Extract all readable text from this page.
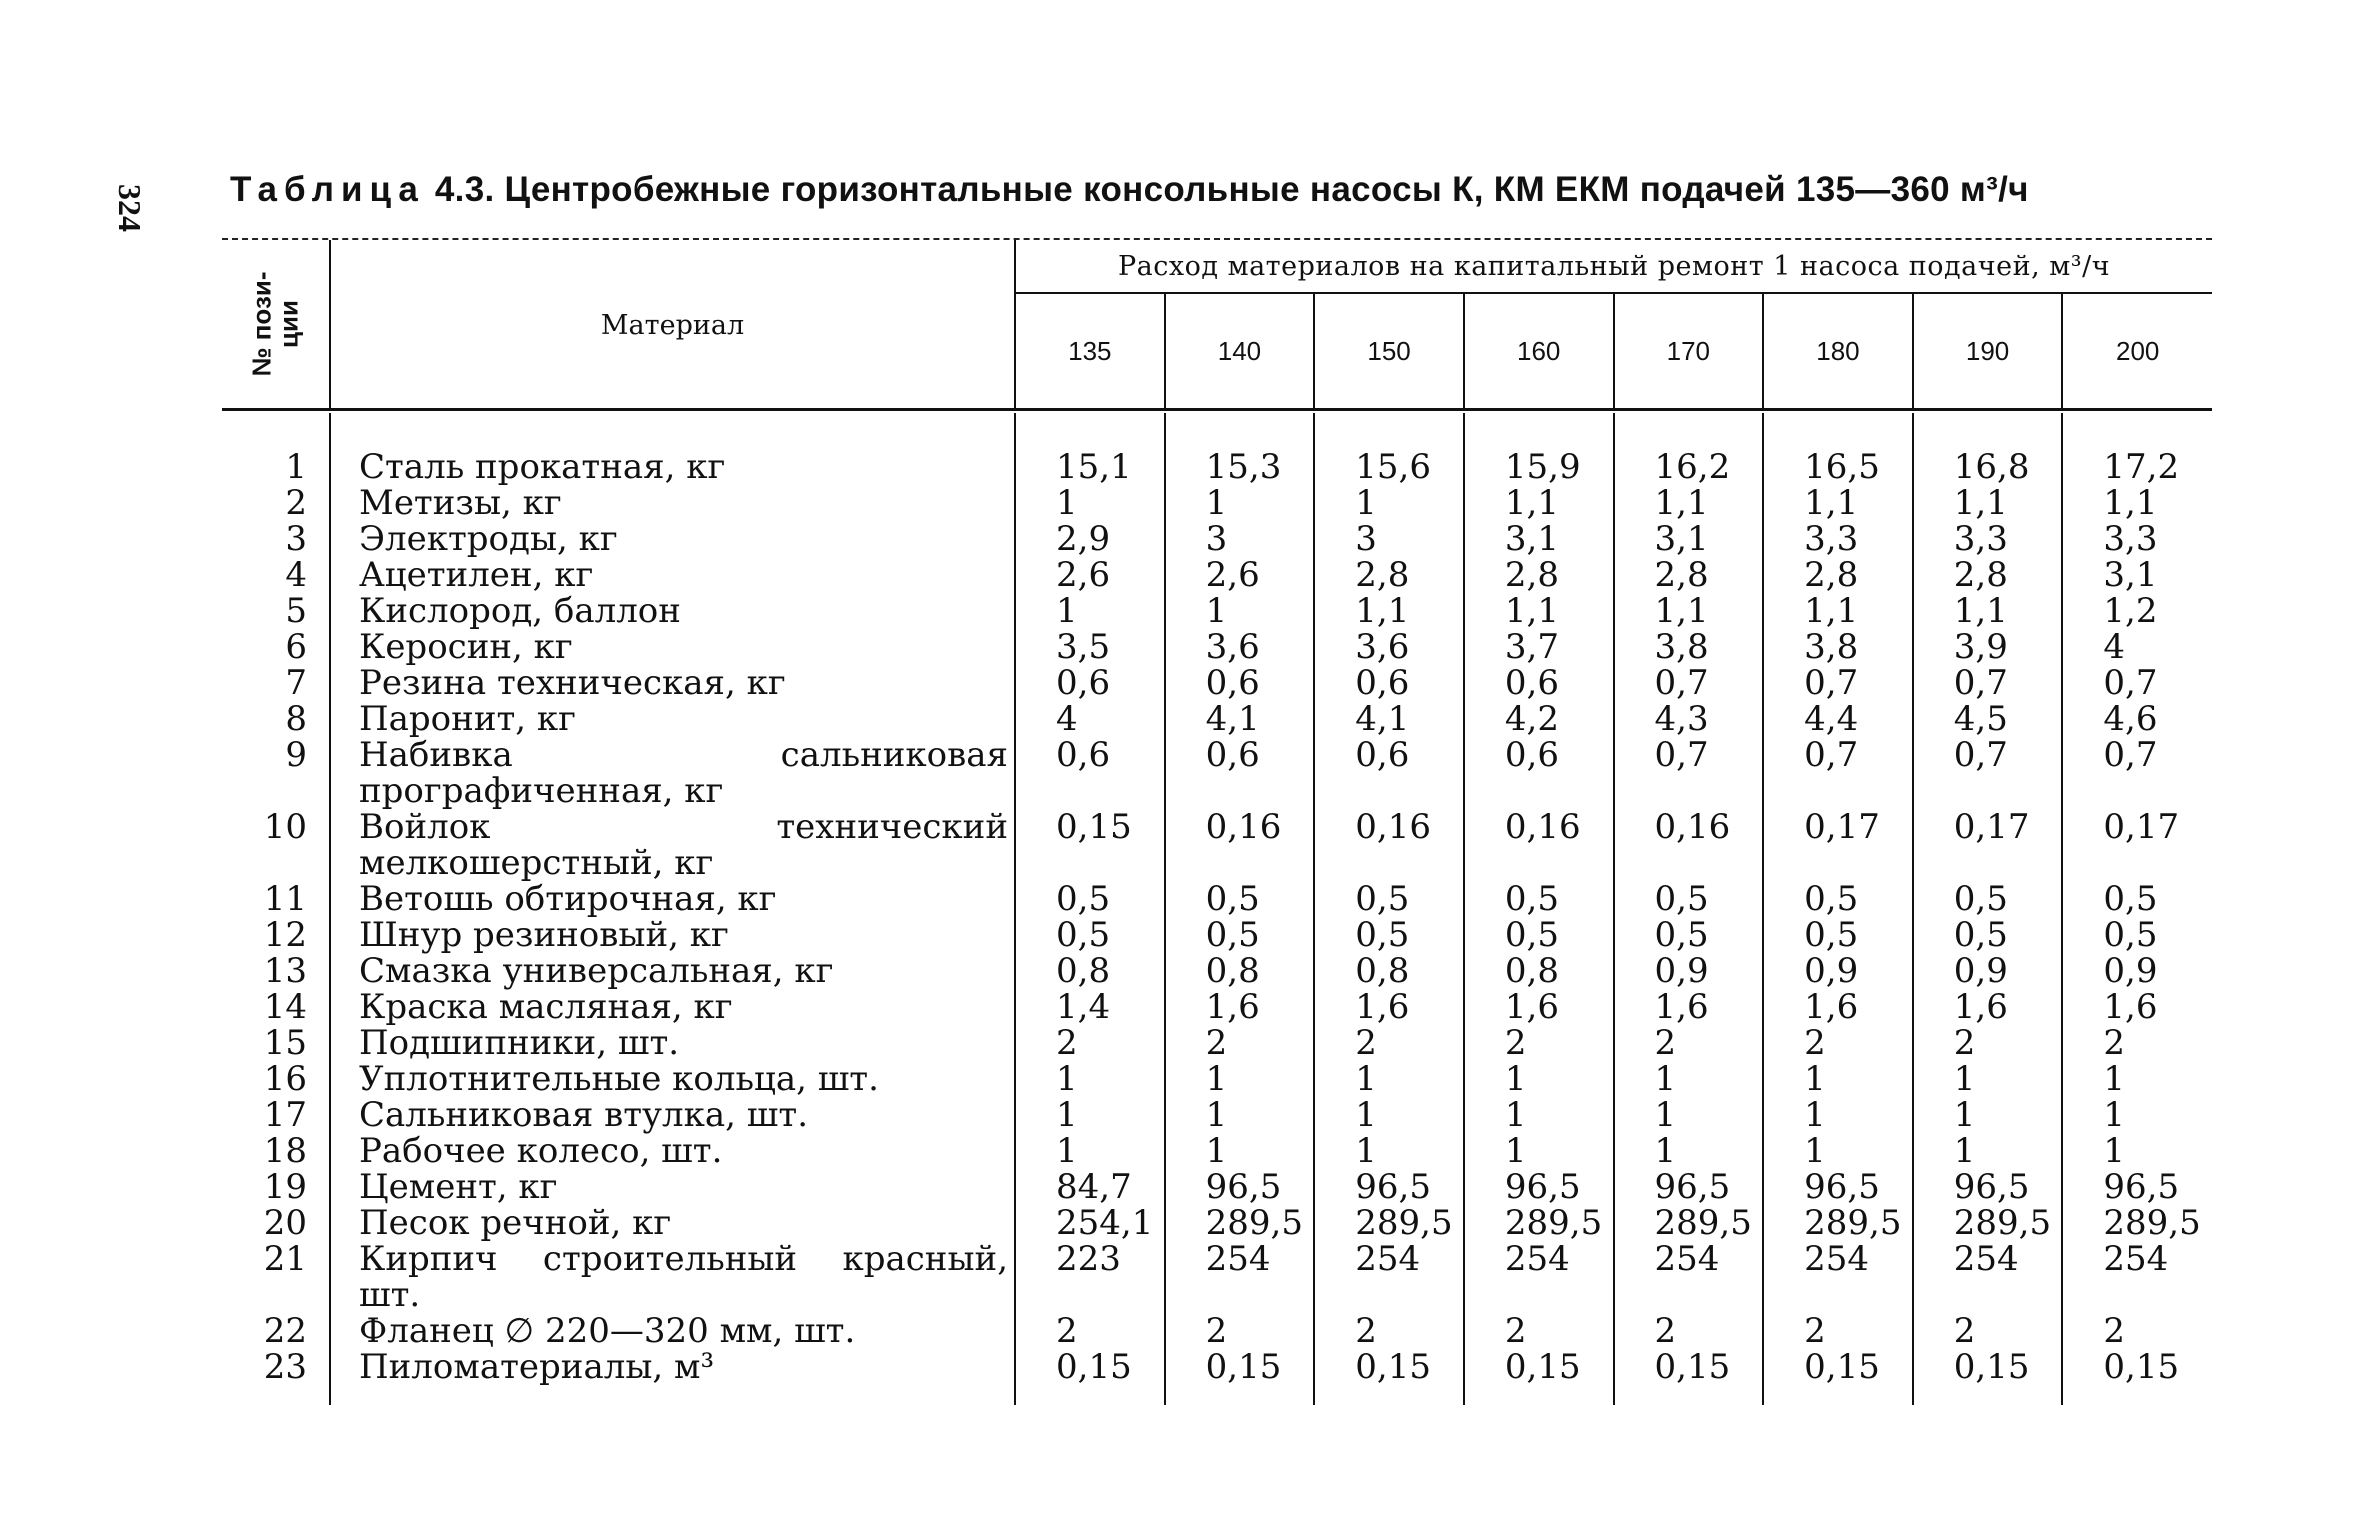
324 Таблица 4.3. Центробежные горизонтальные консольные насосы К, КМ ЕКМ подачей 135—360 м³/ч
№ пози-
ции	Материал	Расход материалов на капитальный ремонт 1 насоса подачей, м³/ч							
		135	140	150	160	170	180	190	200

1	Сталь прокатная, кг	15,1	15,3	15,6	15,9	16,2	16,5	16,8	17,2
2	Метизы, кг	1	1	1	1,1	1,1	1,1	1,1	1,1
3	Электроды, кг	2,9	3	3	3,1	3,1	3,3	3,3	3,3
4	Ацетилен, кг	2,6	2,6	2,8	2,8	2,8	2,8	2,8	3,1
5	Кислород, баллон	1	1	1,1	1,1	1,1	1,1	1,1	1,2
6	Керосин, кг	3,5	3,6	3,6	3,7	3,8	3,8	3,9	4
7	Резина техническая, кг	0,6	0,6	0,6	0,6	0,7	0,7	0,7	0,7
8	Паронит, кг	4	4,1	4,1	4,2	4,3	4,4	4,5	4,6
9	Набивка сальниковая прографиченная, кг	0,6	0,6	0,6	0,6	0,7	0,7	0,7	0,7
10	Войлок технический мелкошерстный, кг	0,15	0,16	0,16	0,16	0,16	0,17	0,17	0,17
11	Ветошь обтирочная, кг	0,5	0,5	0,5	0,5	0,5	0,5	0,5	0,5
12	Шнур резиновый, кг	0,5	0,5	0,5	0,5	0,5	0,5	0,5	0,5
13	Смазка универсальная, кг	0,8	0,8	0,8	0,8	0,9	0,9	0,9	0,9
14	Краска масляная, кг	1,4	1,6	1,6	1,6	1,6	1,6	1,6	1,6
15	Подшипники, шт.	2	2	2	2	2	2	2	2
16	Уплотнительные кольца, шт.	1	1	1	1	1	1	1	1
17	Сальниковая втулка, шт.	1	1	1	1	1	1	1	1
18	Рабочее колесо, шт.	1	1	1	1	1	1	1	1
19	Цемент, кг	84,7	96,5	96,5	96,5	96,5	96,5	96,5	96,5
20	Песок речной, кг	254,1	289,5	289,5	289,5	289,5	289,5	289,5	289,5
21	Кирпич строительный красный, шт.	223	254	254	254	254	254	254	254
22	Фланец ∅ 220—320 мм, шт.	2	2	2	2	2	2	2	2
23	Пиломатериалы, м³	0,15	0,15	0,15	0,15	0,15	0,15	0,15	0,15
